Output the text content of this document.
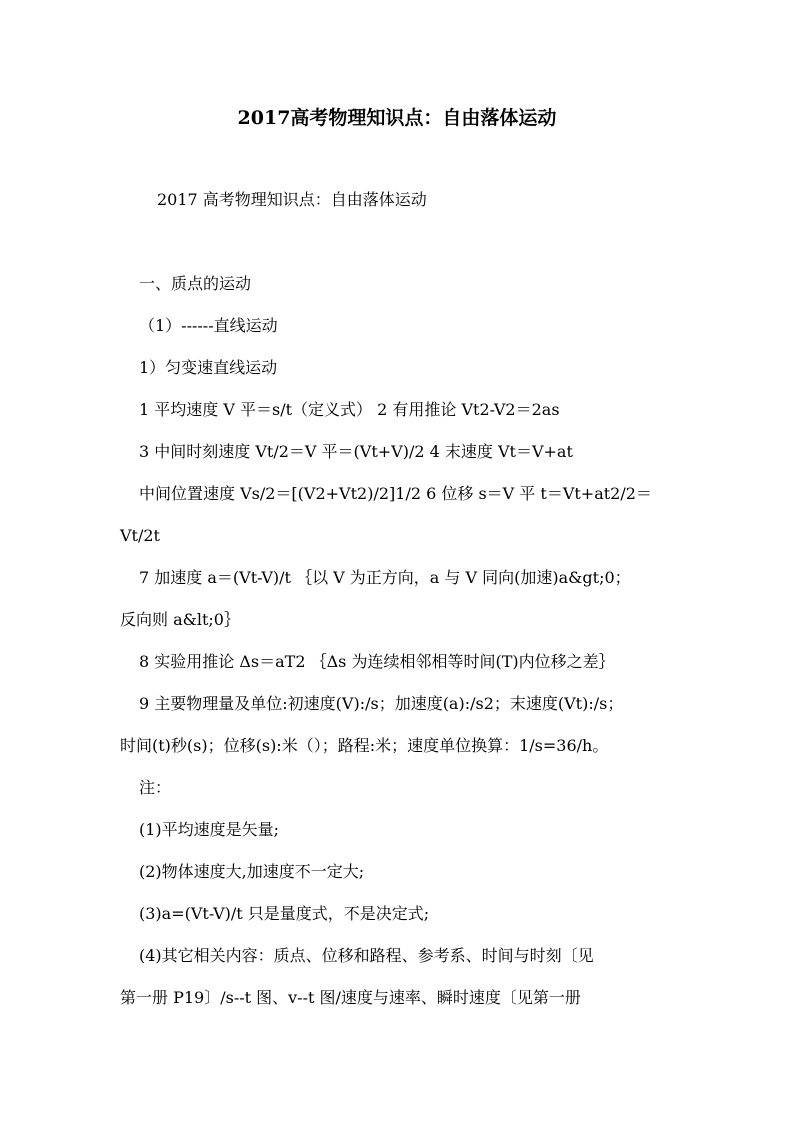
2017高考物理知识点：自由落体运动
2017 高考物理知识点：自由落体运动
一、质点的运动
（1）------直线运动
1）匀变速直线运动
1 平均速度 V 平＝s/t（定义式） 2 有用推论 Vt2-V2＝2as
3 中间时刻速度 Vt/2＝V 平＝(Vt+V)/2 4 末速度 Vt＝V+at
中间位置速度 Vs/2＝[(V2+Vt2)/2]1/2 6 位移 s＝V 平 t＝Vt+at2/2＝
Vt/2t
7 加速度 a＝(Vt-V)/t ｛以 V 为正方向，a 与 V 同向(加速)a&gt;0；
反向则 a&lt;0｝
8 实验用推论 Δs＝aT2 ｛Δs 为连续相邻相等时间(T)内位移之差｝
9 主要物理量及单位:初速度(V):/s；加速度(a):/s2；末速度(Vt):/s；
时间(t)秒(s)；位移(s):米（）；路程:米；速度单位换算：1/s=36/h。
注：
(1)平均速度是矢量;
(2)物体速度大,加速度不一定大;
(3)a=(Vt-V)/t 只是量度式，不是决定式;
(4)其它相关内容：质点、位移和路程、参考系、时间与时刻〔见
第一册 P19〕/s--t 图、v--t 图/速度与速率、瞬时速度〔见第一册
